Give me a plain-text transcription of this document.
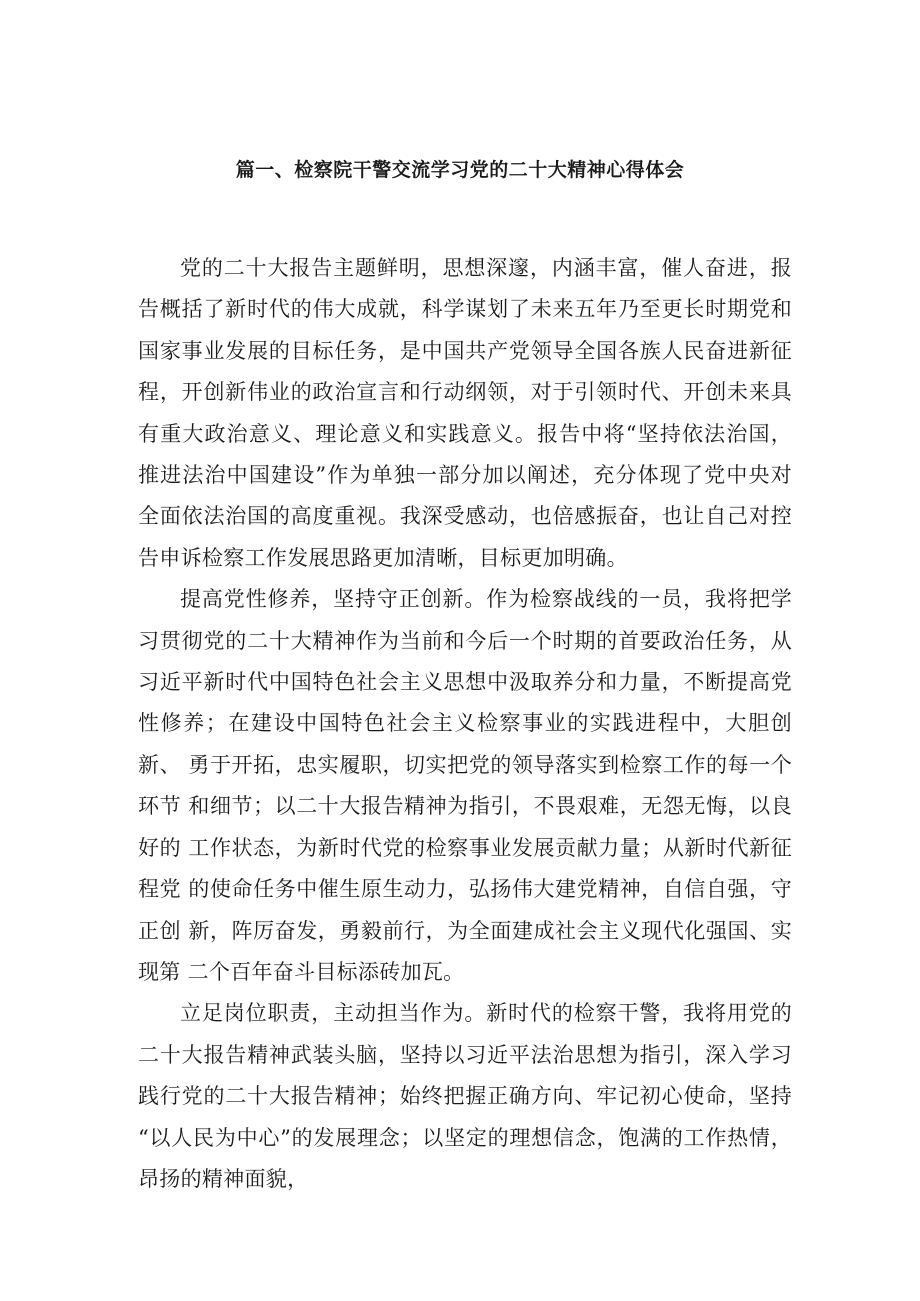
篇一、检察院干警交流学习党的二十大精神心得体会

党的二十大报告主题鲜明，思想深邃，内涵丰富，催人奋进，报 告概括了新时代的伟大成就，科学谋划了未来五年乃至更长时期党和 国家事业发展的目标任务，是中国共产党领导全国各族人民奋进新征 程，开创新伟业的政治宣言和行动纲领，对于引领时代、开创未来具 有重大政治意义、理论意义和实践意义。报告中将“坚持依法治国， 推进法治中国建设”作为单独一部分加以阐述，充分体现了党中央对 全面依法治国的高度重视。我深受感动，也倍感振奋，也让自己对控 告申诉检察工作发展思路更加清晰，目标更加明确。

提高党性修养，坚持守正创新。作为检察战线的一员，我将把学 习贯彻党的二十大精神作为当前和今后一个时期的首要政治任务，从 习近平新时代中国特色社会主义思想中汲取养分和力量，不断提高党 性修养；在建设中国特色社会主义检察事业的实践进程中，大胆创新、 勇于开拓，忠实履职，切实把党的领导落实到检察工作的每一个环节 和细节；以二十大报告精神为指引，不畏艰难，无怨无悔，以良好的 工作状态，为新时代党的检察事业发展贡献力量；从新时代新征程党 的使命任务中催生原生动力，弘扬伟大建党精神，自信自强，守正创 新，阵厉奋发，勇毅前行，为全面建成社会主义现代化强国、实现第 二个百年奋斗目标添砖加瓦。

立足岗位职责，主动担当作为。新时代的检察干警，我将用党的 二十大报告精神武装头脑，坚持以习近平法治思想为指引，深入学习 践行党的二十大报告精神；始终把握正确方向、牢记初心使命，坚持 “以人民为中心”的发展理念；以坚定的理想信念，饱满的工作热情， 昂扬的精神面貌，
